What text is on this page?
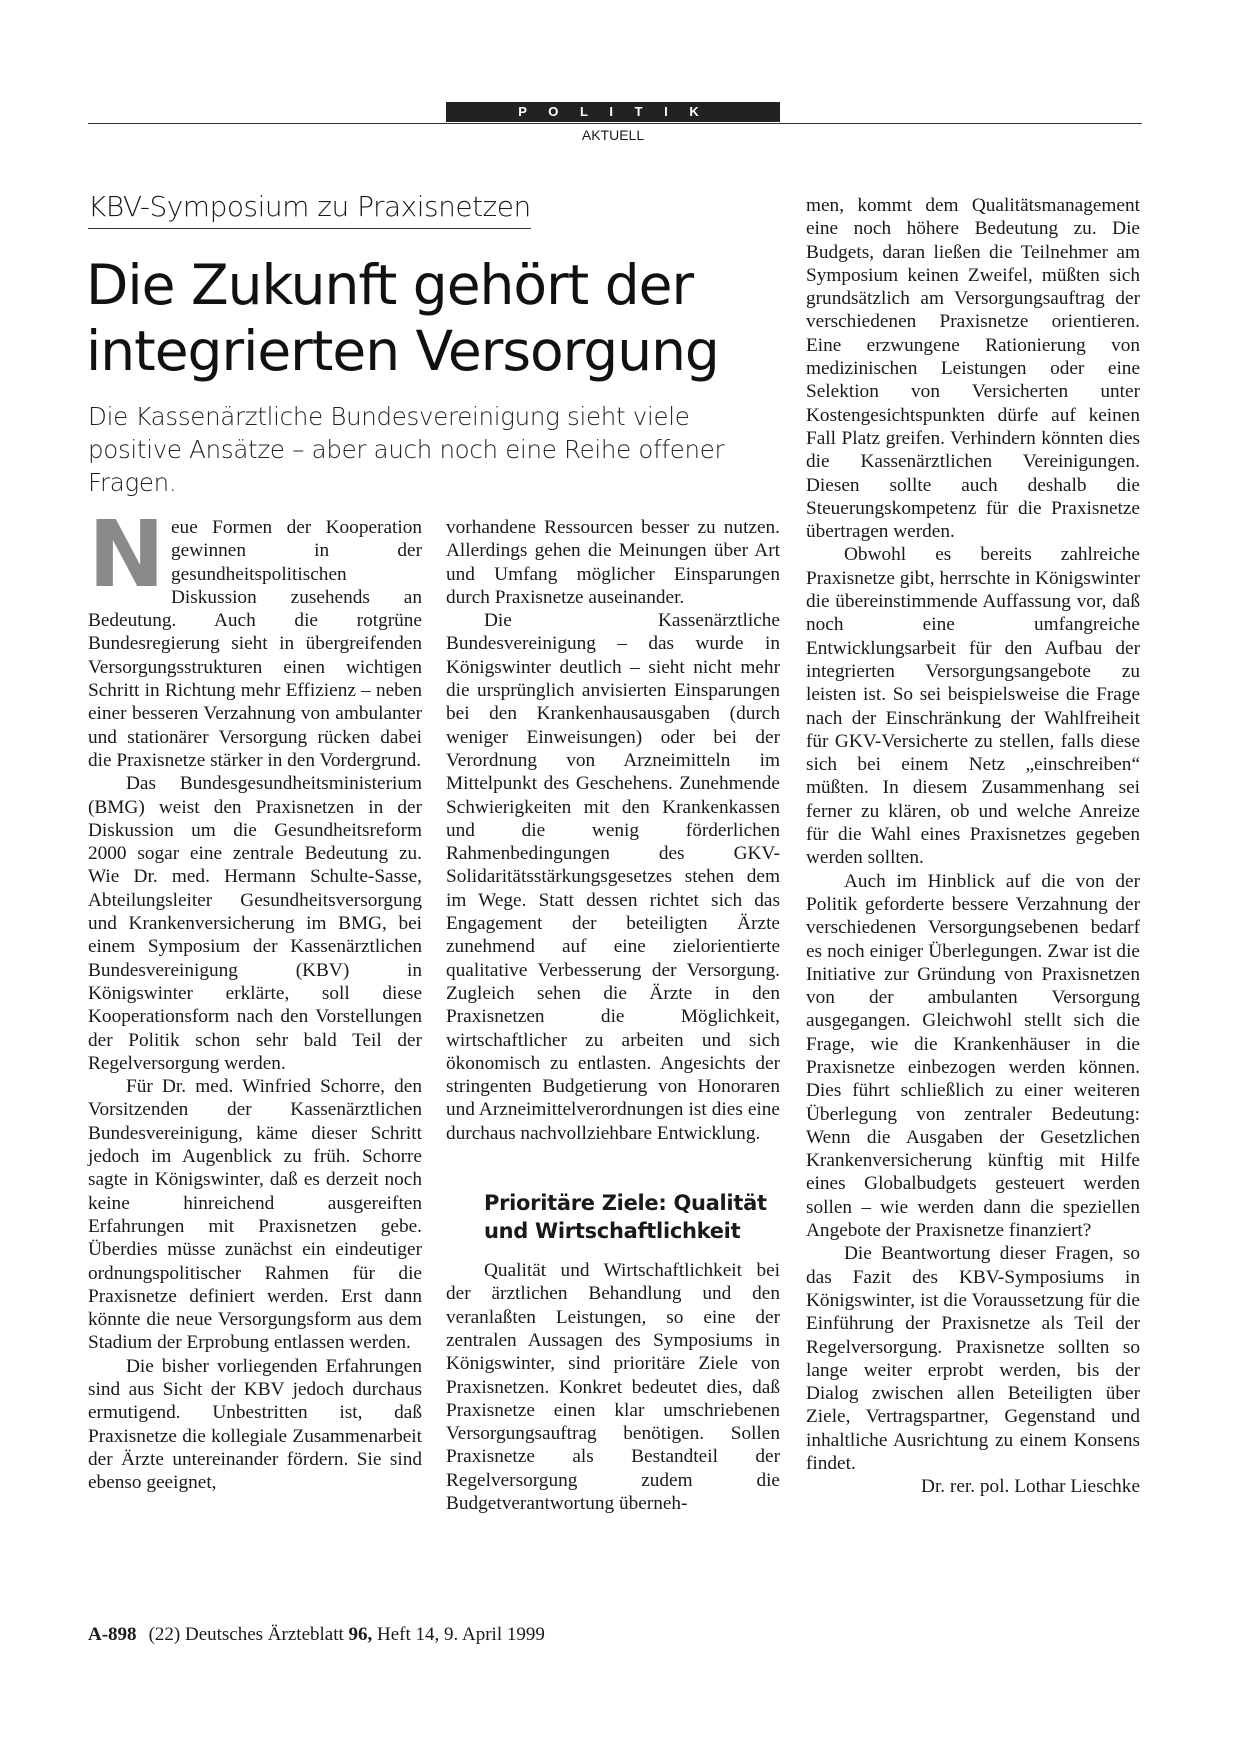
P O L I T I K
AKTUELL
KBV-Symposium zu Praxisnetzen
Die Zukunft gehört der integrierten Versorgung
Die Kassenärztliche Bundesvereinigung sieht viele positive Ansätze – aber auch noch eine Reihe offener Fragen.

Neue Formen der Kooperation gewinnen in der gesundheitspolitischen Diskussion zusehends an Bedeutung. Auch die rotgrüne Bundesregierung sieht in übergreifenden Versorgungsstrukturen einen wichtigen Schritt in Richtung mehr Effizienz – neben einer besseren Verzahnung von ambulanter und stationärer Versorgung rücken dabei die Praxisnetze stärker in den Vordergrund.

Das Bundesgesundheitsministerium (BMG) weist den Praxisnetzen in der Diskussion um die Gesundheitsreform 2000 sogar eine zentrale Bedeutung zu. Wie Dr. med. Hermann Schulte-Sasse, Abteilungsleiter Gesundheitsversorgung und Krankenversicherung im BMG, bei einem Symposium der Kassenärztlichen Bundesvereinigung (KBV) in Königswinter erklärte, soll diese Kooperationsform nach den Vorstellungen der Politik schon sehr bald Teil der Regelversorgung werden.

Für Dr. med. Winfried Schorre, den Vorsitzenden der Kassenärztlichen Bundesvereinigung, käme dieser Schritt jedoch im Augenblick zu früh. Schorre sagte in Königswinter, daß es derzeit noch keine hinreichend ausgereiften Erfahrungen mit Praxisnetzen gebe. Überdies müsse zunächst ein eindeutiger ordnungspolitischer Rahmen für die Praxisnetze definiert werden. Erst dann könnte die neue Versorgungsform aus dem Stadium der Erprobung entlassen werden.

Die bisher vorliegenden Erfahrungen sind aus Sicht der KBV jedoch durchaus ermutigend. Unbestritten ist, daß Praxisnetze die kollegiale Zusammenarbeit der Ärzte untereinander fördern. Sie sind ebenso geeignet,

vorhandene Ressourcen besser zu nutzen. Allerdings gehen die Meinungen über Art und Umfang möglicher Einsparungen durch Praxisnetze auseinander.

Die Kassenärztliche Bundesvereinigung – das wurde in Königswinter deutlich – sieht nicht mehr die ursprünglich anvisierten Einsparungen bei den Krankenhausausgaben (durch weniger Einweisungen) oder bei der Verordnung von Arzneimitteln im Mittelpunkt des Geschehens. Zunehmende Schwierigkeiten mit den Krankenkassen und die wenig förderlichen Rahmenbedingungen des GKV-Solidaritätsstärkungsgesetzes stehen dem im Wege. Statt dessen richtet sich das Engagement der beteiligten Ärzte zunehmend auf eine zielorientierte qualitative Verbesserung der Versorgung. Zugleich sehen die Ärzte in den Praxisnetzen die Möglichkeit, wirtschaftlicher zu arbeiten und sich ökonomisch zu entlasten. Angesichts der stringenten Budgetierung von Honoraren und Arzneimittelverordnungen ist dies eine durchaus nachvollziehbare Entwicklung.

Prioritäre Ziele: Qualität und Wirtschaftlichkeit

Qualität und Wirtschaftlichkeit bei der ärztlichen Behandlung und den veranlaßten Leistungen, so eine der zentralen Aussagen des Symposiums in Königswinter, sind prioritäre Ziele von Praxisnetzen. Konkret bedeutet dies, daß Praxisnetze einen klar umschriebenen Versorgungsauftrag benötigen. Sollen Praxisnetze als Bestandteil der Regelversorgung zudem die Budgetverantwortung überneh-

men, kommt dem Qualitätsmanagement eine noch höhere Bedeutung zu. Die Budgets, daran ließen die Teilnehmer am Symposium keinen Zweifel, müßten sich grundsätzlich am Versorgungsauftrag der verschiedenen Praxisnetze orientieren. Eine erzwungene Rationierung von medizinischen Leistungen oder eine Selektion von Versicherten unter Kostengesichtspunkten dürfe auf keinen Fall Platz greifen. Verhindern könnten dies die Kassenärztlichen Vereinigungen. Diesen sollte auch deshalb die Steuerungskompetenz für die Praxisnetze übertragen werden.

Obwohl es bereits zahlreiche Praxisnetze gibt, herrschte in Königswinter die übereinstimmende Auffassung vor, daß noch eine umfangreiche Entwicklungsarbeit für den Aufbau der integrierten Versorgungsangebote zu leisten ist. So sei beispielsweise die Frage nach der Einschränkung der Wahlfreiheit für GKV-Versicherte zu stellen, falls diese sich bei einem Netz „einschreiben“ müßten. In diesem Zusammenhang sei ferner zu klären, ob und welche Anreize für die Wahl eines Praxisnetzes gegeben werden sollten.

Auch im Hinblick auf die von der Politik geforderte bessere Verzahnung der verschiedenen Versorgungsebenen bedarf es noch einiger Überlegungen. Zwar ist die Initiative zur Gründung von Praxisnetzen von der ambulanten Versorgung ausgegangen. Gleichwohl stellt sich die Frage, wie die Krankenhäuser in die Praxisnetze einbezogen werden können. Dies führt schließlich zu einer weiteren Überlegung von zentraler Bedeutung: Wenn die Ausgaben der Gesetzlichen Krankenversicherung künftig mit Hilfe eines Globalbudgets gesteuert werden sollen – wie werden dann die speziellen Angebote der Praxisnetze finanziert?

Die Beantwortung dieser Fragen, so das Fazit des KBV-Symposiums in Königswinter, ist die Voraussetzung für die Einführung der Praxisnetze als Teil der Regelversorgung. Praxisnetze sollten so lange weiter erprobt werden, bis der Dialog zwischen allen Beteiligten über Ziele, Vertragspartner, Gegenstand und inhaltliche Ausrichtung zu einem Konsens findet.

Dr. rer. pol. Lothar Lieschke

A-898 (22) Deutsches Ärzteblatt 96, Heft 14, 9. April 1999
